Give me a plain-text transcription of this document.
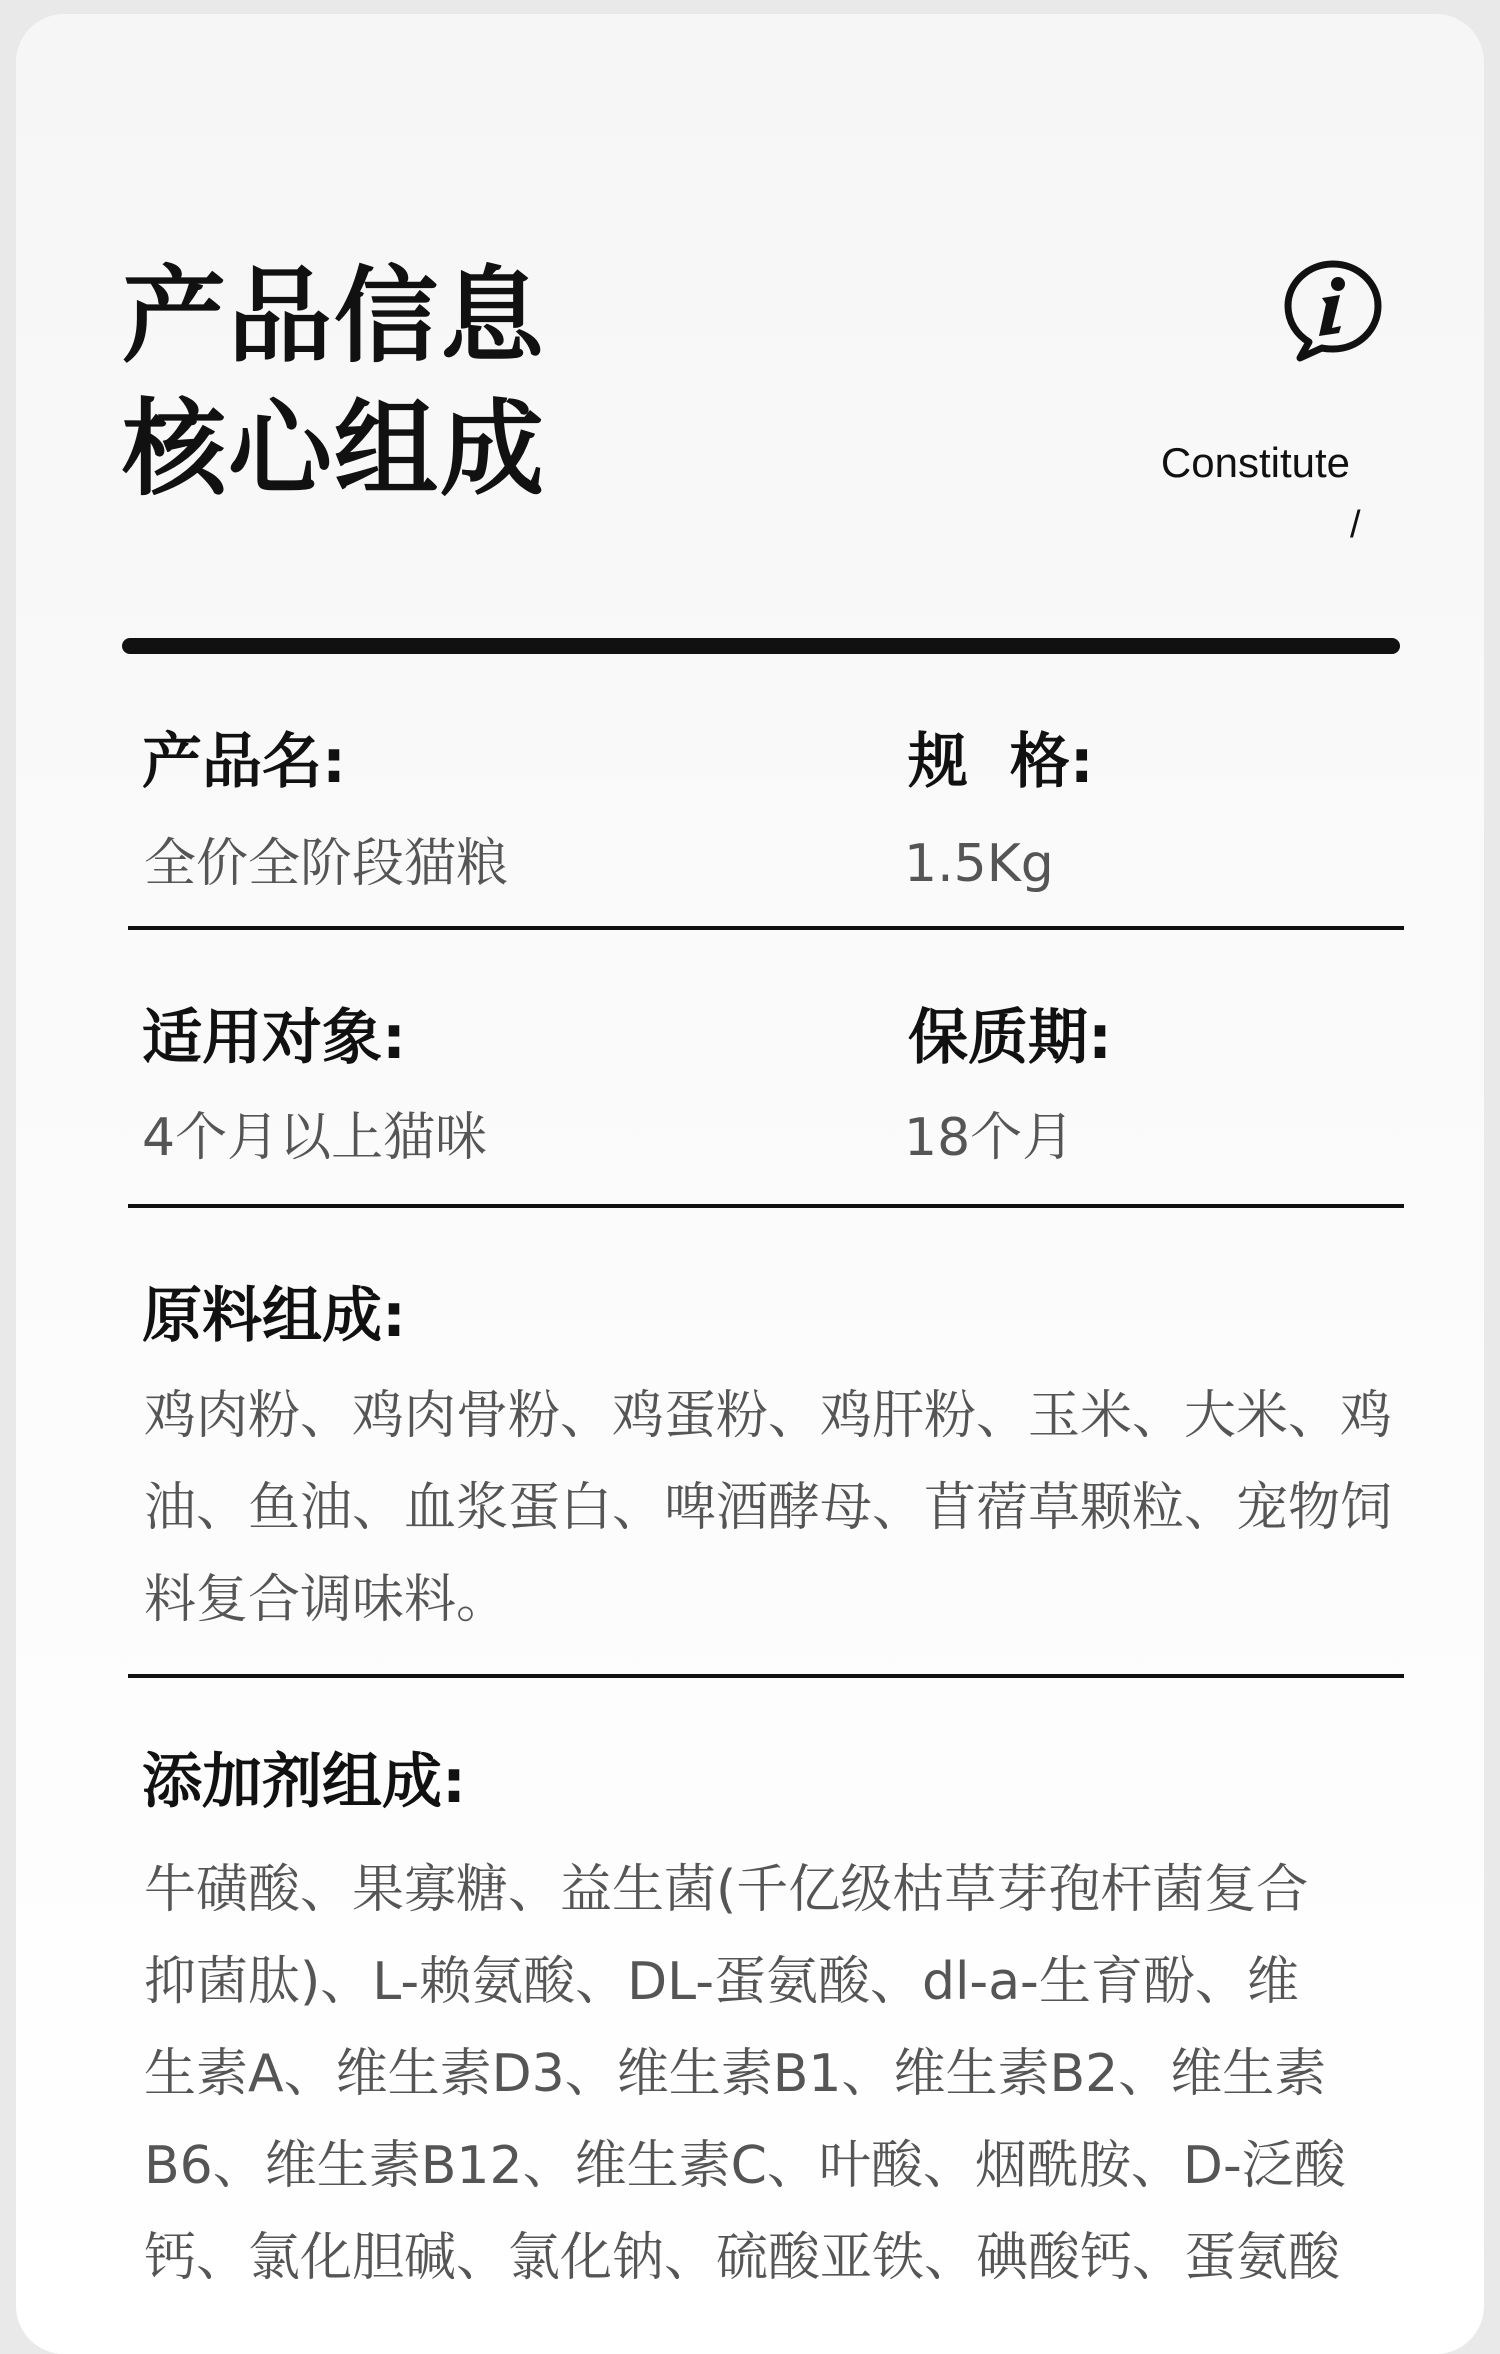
产品信息
核心组成	Constitute
/
产品名:
全价全阶段猫粮
规  格:
1.5Kg
适用对象:
4个月以上猫咪
保质期:
18个月
原料组成:
鸡肉粉、鸡肉骨粉、鸡蛋粉、鸡肝粉、玉米、大米、鸡
油、鱼油、血浆蛋白、啤酒酵母、苜蓿草颗粒、宠物饲
料复合调味料。
添加剂组成:
牛磺酸、果寡糖、益生菌(千亿级枯草芽孢杆菌复合
抑菌肽)、L-赖氨酸、DL-蛋氨酸、dl-a-生育酚、维
生素A、维生素D3、维生素B1、维生素B2、维生素
B6、维生素B12、维生素C、叶酸、烟酰胺、D-泛酸
钙、氯化胆碱、氯化钠、硫酸亚铁、碘酸钙、蛋氨酸
